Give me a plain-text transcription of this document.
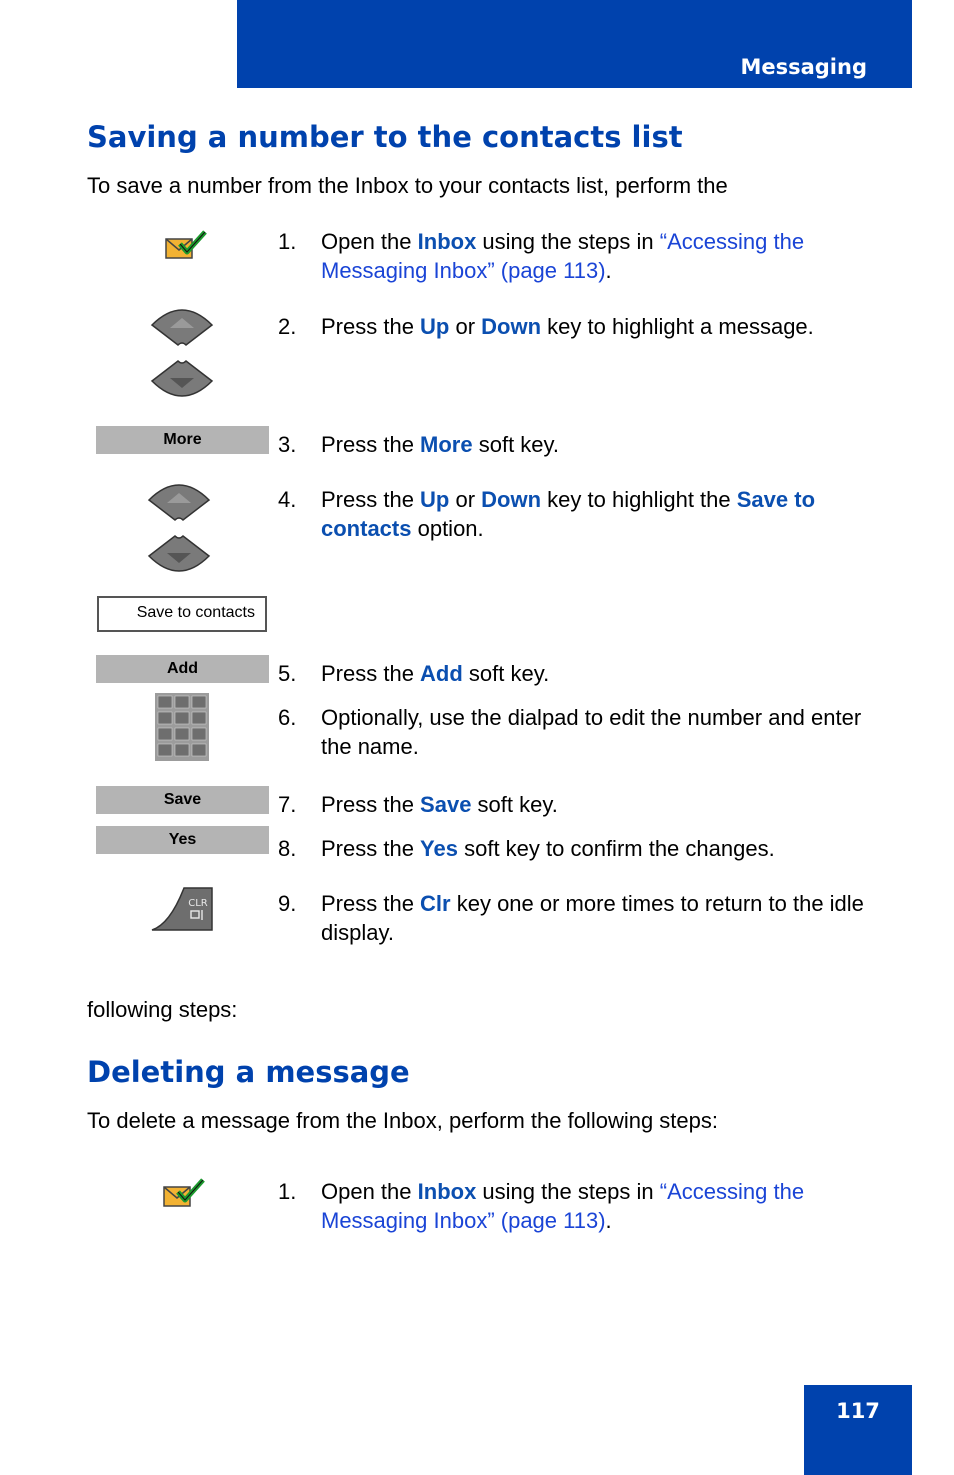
Messaging
Saving a number to the contacts list
To save a number from the Inbox to your contacts list, perform the
1. Open the Inbox using the steps in “Accessing the Messaging Inbox” (page 113).
2. Press the Up or Down key to highlight a message.
More	3. Press the More soft key.
4. Press the Up or Down key to highlight the Save to contacts option.
Save to contacts
Add	5. Press the Add soft key.
6. Optionally, use the dialpad to edit the number and enter the name.
Save	7. Press the Save soft key.
Yes	8. Press the Yes soft key to confirm the changes.
CLR	9. Press the Clr key one or more times to return to the idle display.
following steps:
Deleting a message
To delete a message from the Inbox, perform the following steps:
1. Open the Inbox using the steps in “Accessing the Messaging Inbox” (page 113).
117
